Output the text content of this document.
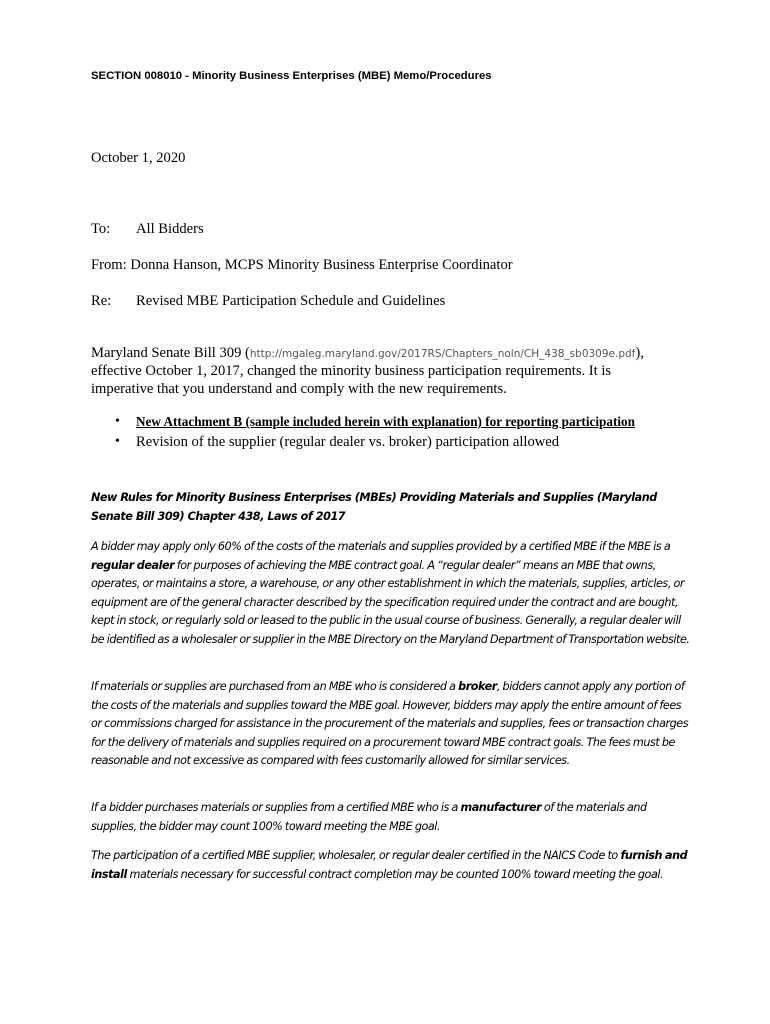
SECTION 008010 - Minority Business Enterprises (MBE) Memo/Procedures

October 1, 2020

To: All Bidders

From: Donna Hanson, MCPS Minority Business Enterprise Coordinator

Re: Revised MBE Participation Schedule and Guidelines

Maryland Senate Bill 309 (http://mgaleg.maryland.gov/2017RS/Chapters_noln/CH_438_sb0309e.pdf),

effective October 1, 2017, changed the minority business participation requirements. It is

imperative that you understand and comply with the new requirements.

• New Attachment B (sample included herein with explanation) for reporting participation
• Revision of the supplier (regular dealer vs. broker) participation allowed

New Rules for Minority Business Enterprises (MBEs) Providing Materials and Supplies (Maryland Senate Bill 309) Chapter 438, Laws of 2017

A bidder may apply only 60% of the costs of the materials and supplies provided by a certified MBE if the MBE is a regular dealer for purposes of achieving the MBE contract goal. A “regular dealer” means an MBE that owns, operates, or maintains a store, a warehouse, or any other establishment in which the materials, supplies, articles, or equipment are of the general character described by the specification required under the contract and are bought, kept in stock, or regularly sold or leased to the public in the usual course of business. Generally, a regular dealer will be identified as a wholesaler or supplier in the MBE Directory on the Maryland Department of Transportation website.

If materials or supplies are purchased from an MBE who is considered a broker, bidders cannot apply any portion of the costs of the materials and supplies toward the MBE goal. However, bidders may apply the entire amount of fees or commissions charged for assistance in the procurement of the materials and supplies, fees or transaction charges for the delivery of materials and supplies required on a procurement toward MBE contract goals. The fees must be reasonable and not excessive as compared with fees customarily allowed for similar services.

If a bidder purchases materials or supplies from a certified MBE who is a manufacturer of the materials and supplies, the bidder may count 100% toward meeting the MBE goal.

The participation of a certified MBE supplier, wholesaler, or regular dealer certified in the NAICS Code to furnish and install materials necessary for successful contract completion may be counted 100% toward meeting the goal.
